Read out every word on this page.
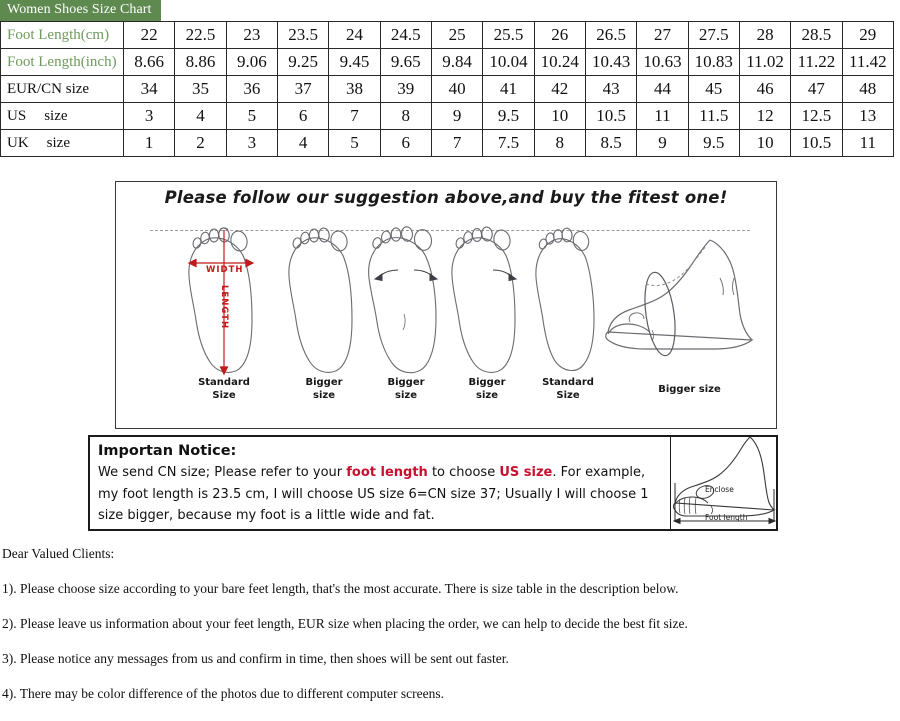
Women Shoes Size Chart
Foot Length(cm)	22	22.5	23	23.5	24	24.5	25	25.5	26	26.5	27	27.5	28	28.5	29
Foot Length(inch)	8.66	8.86	9.06	9.25	9.45	9.65	9.84	10.04	10.24	10.43	10.63	10.83	11.02	11.22	11.42
EUR/CN size	34	35	36	37	38	39	40	41	42	43	44	45	46	47	48
US size	3	4	5	6	7	8	9	9.5	10	10.5	11	11.5	12	12.5	13
UK size	1	2	3	4	5	6	7	7.5	8	8.5	9	9.5	10	10.5	11
Please follow our suggestion above,and buy the fitest one!
Standard
Size
WIDTH
LENGTH
Bigger
size
Bigger
size
Bigger
size
Standard
Size	Bigger size
Importan Notice:
We send CN size; Please refer to your foot length to choose US size. For example, my foot length is 23.5 cm, I will choose US size 6=CN size 37; Usually I will choose 1 size bigger, because my foot is a little wide and fat.
Enclose
Foot length

Dear Valued Clients:

1). Please choose size according to your bare feet length, that's the most accurate. There is size table in the description below.

2). Please leave us information about your feet length, EUR size when placing the order, we can help to decide the best fit size.

3). Please notice any messages from us and confirm in time, then shoes will be sent out faster.

4). There may be color difference of the photos due to different computer screens.
